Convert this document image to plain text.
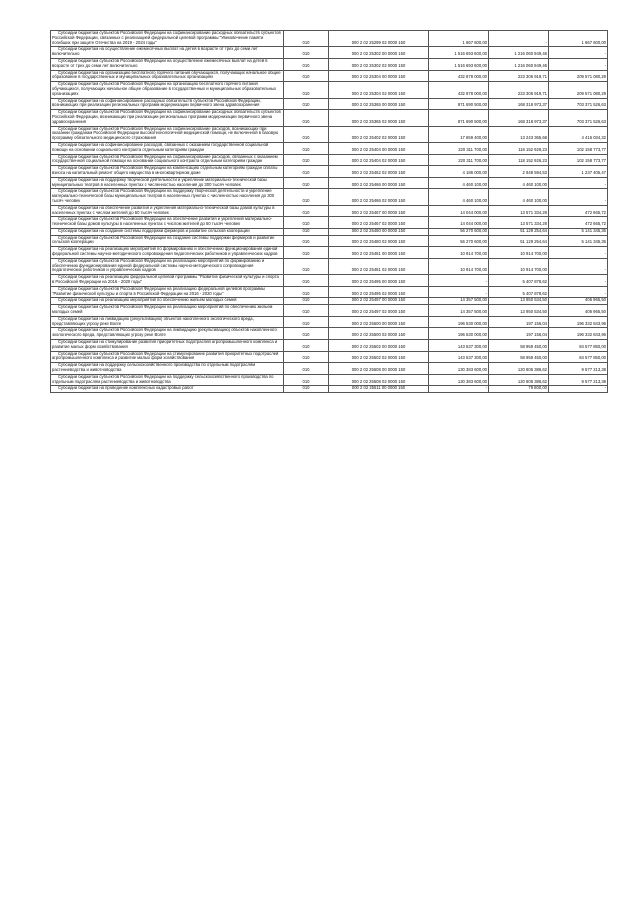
Субсидии бюджетам субъектов Российской Федерации на софинансирование расходных обязательств субъектов Российской Федерации, связанных с реализацией федеральной целевой программы "Увековечение памяти погибших при защите Отечества на 2019 - 2024 годы"	010	000 2 02 25299 02 0000 150	1 667 600,00	-	1 667 600,00
Субсидии бюджетам на осуществление ежемесячных выплат на детей в возрасте от трех до семи лет включительно	010	000 2 02 25302 00 0000 150	1 516 693 600,00	1 216 060 949,46	-
Субсидии бюджетам субъектов Российской Федерации на осуществление ежемесячных выплат на детей в возрасте от трех до семи лет включительно	010	000 2 02 25302 02 0000 150	1 516 693 600,00	1 216 060 949,46	-
Субсидии бюджетам на организацию бесплатного горячего питания обучающихся, получающих начальное общее образование в государственных и муниципальных образовательных организациях	010	000 2 02 25304 00 0000 150	432 878 000,00	223 306 919,71	209 571 080,29
Субсидии бюджетам субъектов Российской Федерации на организацию бесплатного горячего питания обучающихся, получающих начальное общее образование в государственных и муниципальных образовательных организациях	010	000 2 02 25304 02 0000 150	432 878 000,00	223 306 919,71	209 571 080,29
Субсидии бюджетам на софинансирование расходных обязательств субъектов Российской Федерации, возникающих при реализации региональных программ модернизации первичного звена здравоохранения	010	000 2 02 25365 00 0000 150	871 690 500,00	168 318 973,37	703 371 526,63
Субсидии бюджетам субъектов Российской Федерации на софинансирование расходных обязательств субъектов Российской Федерации, возникающих при реализации региональных программ модернизации первичного звена здравоохранения	010	000 2 02 25365 02 0000 150	871 690 500,00	168 318 973,37	703 371 526,63
Субсидии бюджетам субъектов Российской Федерации на софинансирование расходов, возникающих при оказании гражданам Российской Федерации высокотехнологичной медицинской помощи, не включенной в базовую программу обязательного медицинского страхования	010	000 2 02 25402 02 0000 150	17 659 400,00	13 243 365,68	4 416 034,32
Субсидии бюджетам на софинансирование расходов, связанных с оказанием государственной социальной помощи на основании социального контракта отдельным категориям граждан	010	000 2 02 25404 00 0000 150	220 311 700,00	118 152 926,23	102 158 773,77
Субсидии бюджетам субъектов Российской Федерации на софинансирование расходов, связанных с оказанием государственной социальной помощи на основании социального контракта отдельным категориям граждан	010	000 2 02 25404 02 0000 150	220 311 700,00	118 152 926,23	102 158 773,77
Субсидии бюджетам субъектов Российской Федерации на компенсацию отдельным категориям граждан оплаты взноса на капитальный ремонт общего имущества в многоквартирном доме	010	000 2 02 25462 02 0000 150	4 186 000,00	2 948 594,53	1 237 405,47
Субсидии бюджетам на поддержку творческой деятельности и укрепление материально-технической базы муниципальных театров в населенных пунктах с численностью населения до 300 тысяч человек	010	000 2 02 25466 00 0000 150	4 460 100,00	4 460 100,00	-
Субсидии бюджетам субъектов Российской Федерации на поддержку творческой деятельности и укрепление материально-технической базы муниципальных театров в населенных пунктах с численностью населения до 300 тысяч человек	010	000 2 02 25466 02 0000 150	4 460 100,00	4 460 100,00	-
Субсидии бюджетам на обеспечение развития и укрепления материально-технической базы домов культуры в населенных пунктах с числом жителей до 50 тысяч человек	010	000 2 02 25467 00 0000 150	14 044 000,00	13 571 334,28	472 665,72
Субсидии бюджетам субъектов Российской Федерации на обеспечение развития и укрепления материально-технической базы домов культуры в населенных пунктах с числом жителей до 50 тысяч человек	010	000 2 02 25467 02 0000 150	14 044 000,00	13 571 334,28	472 665,72
Субсидии бюджетам на создание системы поддержки фермеров и развитие сельской кооперации	010	000 2 02 25480 00 0000 150	56 270 600,00	51 129 254,64	5 141 345,36
Субсидии бюджетам субъектов Российской Федерации на создание системы поддержки фермеров и развитие сельской кооперации	010	000 2 02 25480 02 0000 150	56 270 600,00	51 129 254,64	5 141 345,36
Субсидии бюджетам на реализацию мероприятий по формированию и обеспечению функционирования единой федеральной системы научно-методического сопровождения педагогических работников и управленческих кадров	010	000 2 02 25481 00 0000 150	10 914 700,00	10 914 700,00	-
Субсидии бюджетам субъектов Российской Федерации на реализацию мероприятий по формированию и обеспечению функционирования единой федеральной системы научно-методического сопровождения педагогических работников и управленческих кадров	010	000 2 02 25481 02 0000 150	10 914 700,00	10 914 700,00	-
Субсидии бюджетам на реализацию федеральной целевой программы "Развитие физической культуры и спорта в Российской Федерации на 2016 - 2020 годы"	010	000 2 02 25495 00 0000 150	-	5 407 878,62	-
Субсидии бюджетам субъектов Российской Федерации на реализацию федеральной целевой программы "Развитие физической культуры и спорта в Российской Федерации на 2016 - 2020 годы"	010	000 2 02 25495 02 0000 150	-	5 407 878,62	-
Субсидии бюджетам на реализацию мероприятий по обеспечению жильем молодых семей	010	000 2 02 25497 00 0000 150	14 357 500,00	13 950 534,50	406 965,50
Субсидии бюджетам субъектов Российской Федерации на реализацию мероприятий по обеспечению жильем молодых семей	010	000 2 02 25497 02 0000 150	14 357 500,00	13 950 534,50	406 965,50
Субсидии бюджетам на ликвидацию (рекультивацию) объектов накопленного экологического вреда, представляющих угрозу реке Волге	010	000 2 02 25500 00 0000 150	196 530 000,00	197 156,04	196 332 843,96
Субсидии бюджетам субъектов Российской Федерации на ликвидацию (рекультивацию) объектов накопленного экологического вреда, представляющих угрозу реке Волге	010	000 2 02 25500 02 0000 150	196 530 000,00	197 156,04	196 332 843,96
Субсидии бюджетам на стимулирование развития приоритетных подотраслей агропромышленного комплекса и развитие малых форм хозяйствования	010	000 2 02 25502 00 0000 150	143 537 300,00	58 959 450,00	84 577 850,00
Субсидии бюджетам субъектов Российской Федерации на стимулирование развития приоритетных подотраслей агропромышленного комплекса и развитие малых форм хозяйствования	010	000 2 02 25502 02 0000 150	143 537 300,00	58 959 450,00	84 577 850,00
Субсидии бюджетам на поддержку сельскохозяйственного производства по отдельным подотраслям растениеводства и животноводства	010	000 2 02 25508 00 0000 150	130 383 600,00	120 806 386,62	9 577 213,38
Субсидии бюджетам субъектов Российской Федерации на поддержку сельскохозяйственного производства по отдельным подотраслям растениеводства и животноводства	010	000 2 02 25508 02 0000 150	130 383 600,00	120 806 386,62	9 577 213,38
Субсидии бюджетам на проведение комплексных кадастровых работ	010	000 2 02 25511 00 0000 150	-	79 800,00	-
